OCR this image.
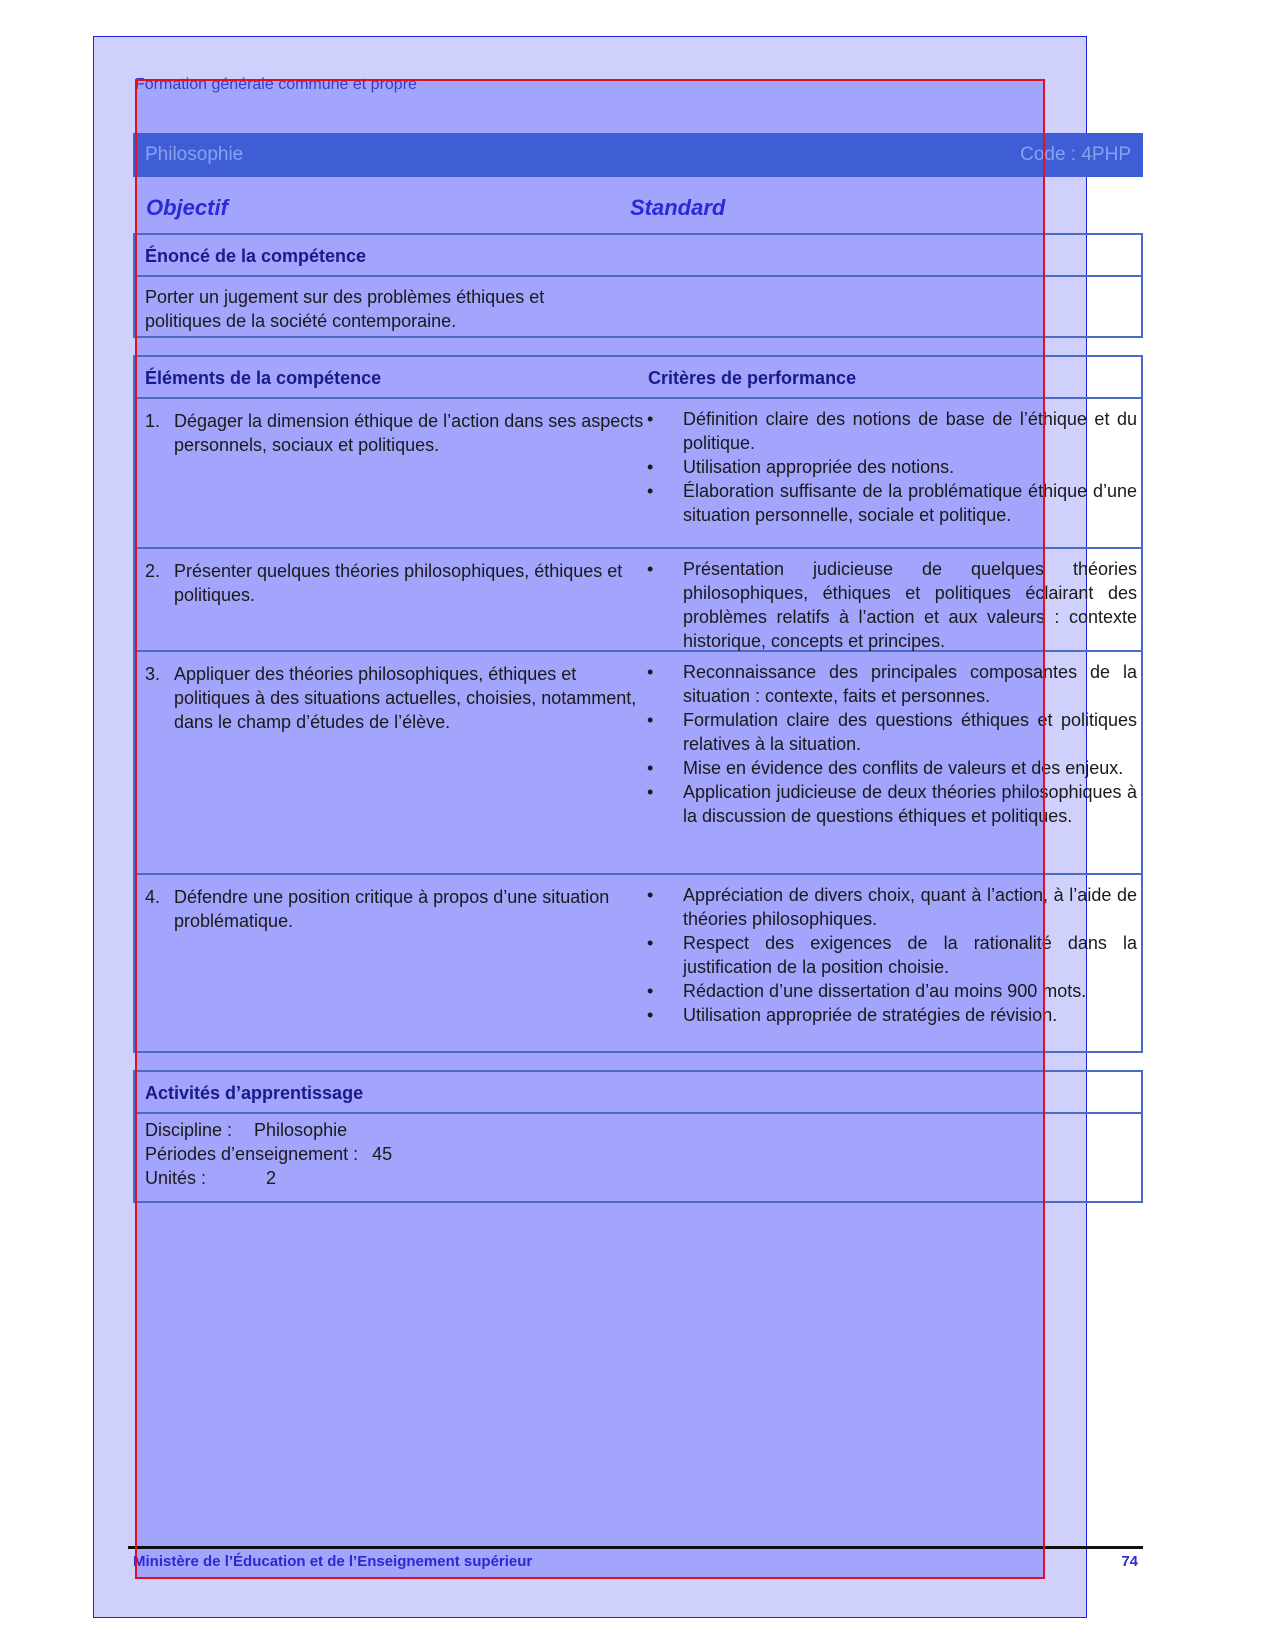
Formation générale commune et propre
Philosophie	Code : 4PHP
Objectif	Standard
Énoncé de la compétence
Porter un jugement sur des problèmes éthiques et politiques de la société contemporaine.
Éléments de la compétence	Critères de performance
1. Dégager la dimension éthique de l’action dans ses aspects personnels, sociaux et politiques.
• Définition claire des notions de base de l’éthique et du politique.
• Utilisation appropriée des notions.
• Élaboration suffisante de la problématique éthique d’une situation personnelle, sociale et politique.
2. Présenter quelques théories philosophiques, éthiques et politiques.
• Présentation judicieuse de quelques théories philosophiques, éthiques et politiques éclairant des problèmes relatifs à l’action et aux valeurs : contexte historique, concepts et principes.
3. Appliquer des théories philosophiques, éthiques et politiques à des situations actuelles, choisies, notamment, dans le champ d’études de l’élève.
• Reconnaissance des principales composantes de la situation : contexte, faits et personnes.
• Formulation claire des questions éthiques et politiques relatives à la situation.
• Mise en évidence des conflits de valeurs et des enjeux.
• Application judicieuse de deux théories philosophiques à la discussion de questions éthiques et politiques.
4. Défendre une position critique à propos d’une situation problématique.
• Appréciation de divers choix, quant à l’action, à l’aide de théories philosophiques.
• Respect des exigences de la rationalité dans la justification de la position choisie.
• Rédaction d’une dissertation d’au moins 900 mots.
• Utilisation appropriée de stratégies de révision.
Activités d’apprentissage
Discipline : Philosophie
Périodes d’enseignement : 45
Unités :	2
Ministère de l’Éducation et de l’Enseignement supérieur	74
